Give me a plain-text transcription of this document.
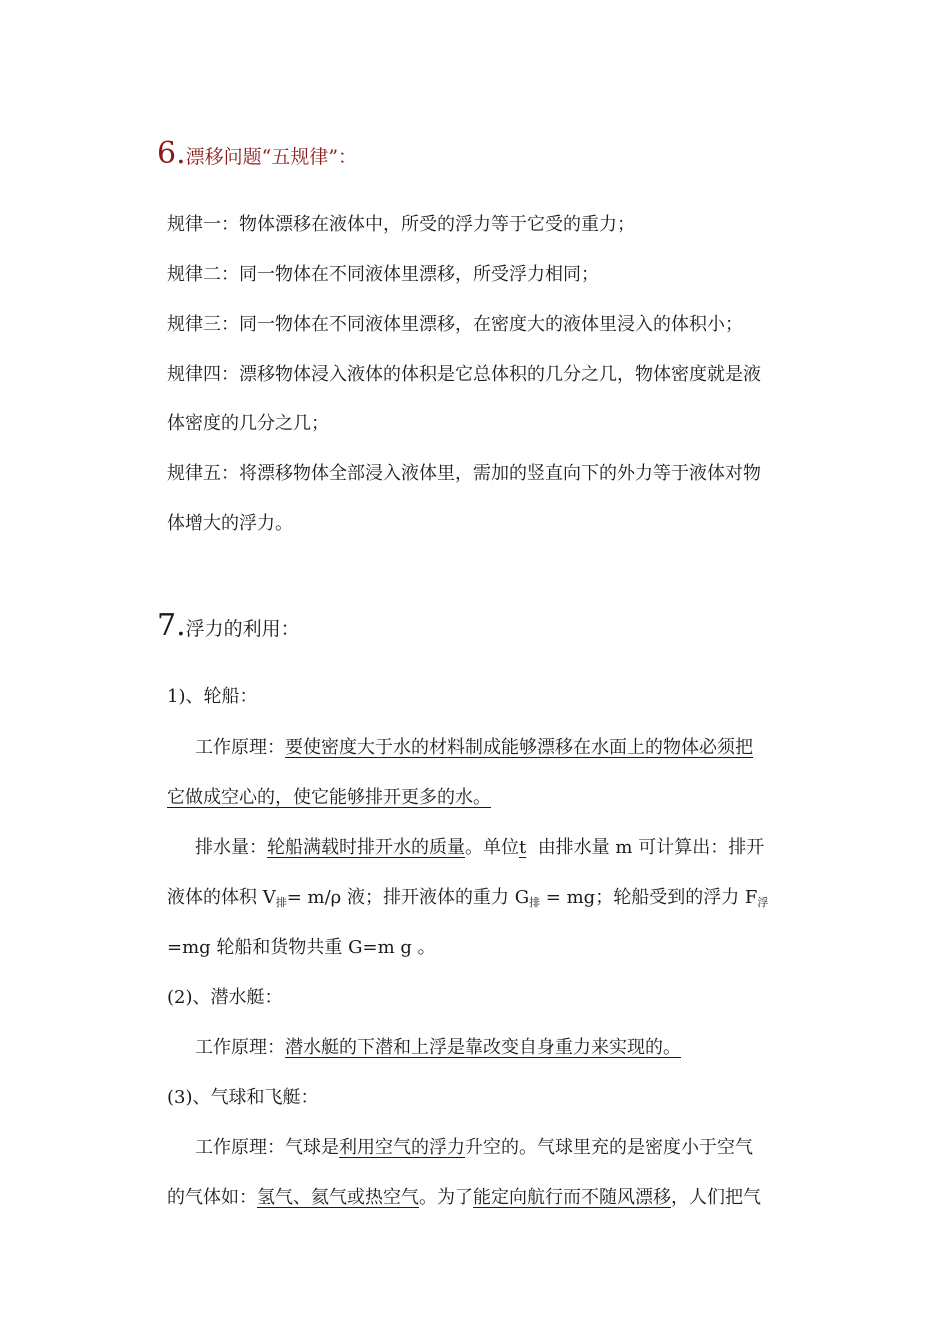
6.漂移问题“五规律”：
规律一：物体漂移在液体中，所受的浮力等于它受的重力；
规律二：同一物体在不同液体里漂移，所受浮力相同；
规律三：同一物体在不同液体里漂移，在密度大的液体里浸入的体积小；
规律四：漂移物体浸入液体的体积是它总体积的几分之几，物体密度就是液
体密度的几分之几；
规律五：将漂移物体全部浸入液体里，需加的竖直向下的外力等于液体对物
体增大的浮力。
7.浮力的利用：
1)、轮船：
工作原理：要使密度大于水的材料制成能够漂移在水面上的物体必须把
它做成空心的，使它能够排开更多的水。
排水量：轮船满载时排开水的质量。单位t 由排水量 m 可计算出：排开
液体的体积 $V_排= m/\rho$ 液；排开液体的重力 $G_排$ = mg；轮船受到的浮力 $F_浮$
=mg 轮船和货物共重 G=m g 。
(2)、潜水艇：
工作原理：潜水艇的下潜和上浮是靠改变自身重力来实现的。
(3)、气球和飞艇：
工作原理：气球是利用空气的浮力升空的。气球里充的是密度小于空气
的气体如：氢气、氦气或热空气。为了能定向航行而不随风漂移，人们把气
